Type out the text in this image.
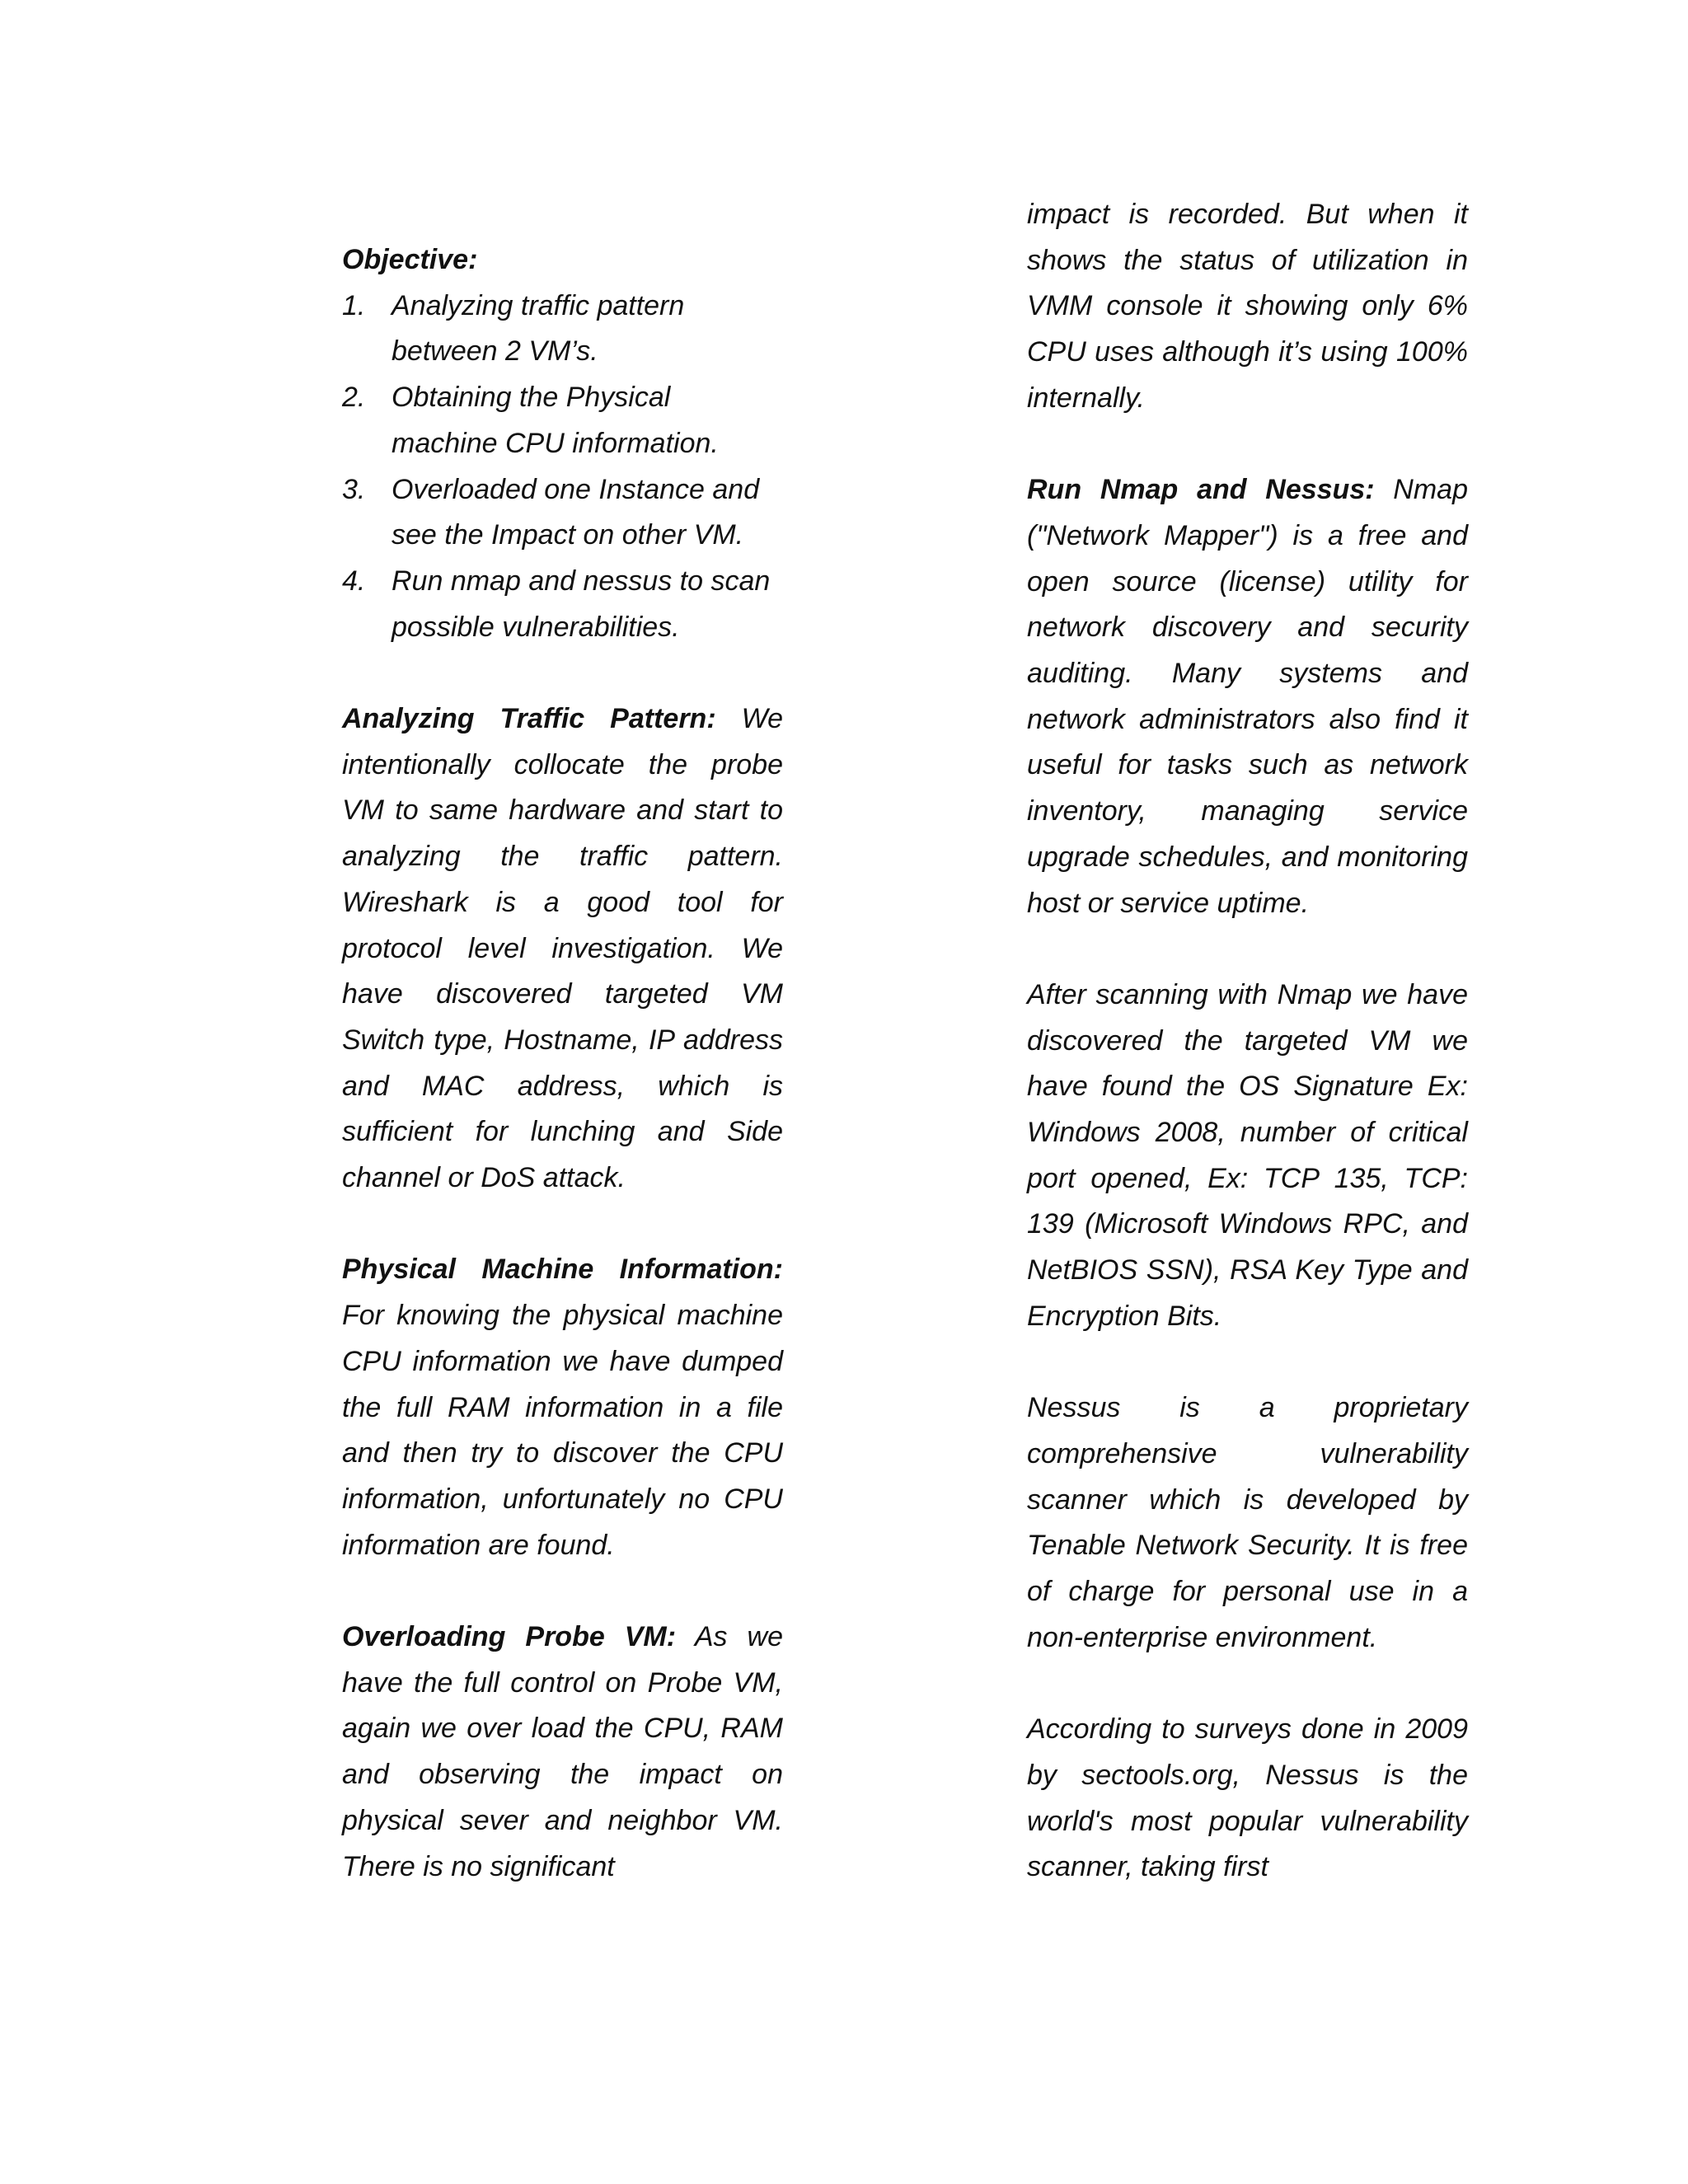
Objective:

1. Analyzing traffic pattern between 2 VM’s.
2. Obtaining the Physical machine CPU information.
3. Overloaded one Instance and see the Impact on other VM.
4. Run nmap and nessus to scan possible vulnerabilities.

Analyzing Traffic Pattern: We intentionally collocate the probe VM to same hardware and start to analyzing the traffic pattern. Wireshark is a good tool for protocol level investigation. We have discovered targeted VM Switch type, Hostname, IP address and MAC address, which is sufficient for lunching and Side channel or DoS attack.

Physical Machine Information: For knowing the physical machine CPU information we have dumped the full RAM information in a file and then try to discover the CPU information, unfortunately no CPU information are found.

Overloading Probe VM: As we have the full control on Probe VM, again we over load the CPU, RAM and observing the impact on physical sever and neighbor VM. There is no significant

impact is recorded. But when it shows the status of utilization in VMM console it showing only 6% CPU uses although it’s using 100% internally.

Run Nmap and Nessus: Nmap ("Network Mapper") is a free and open source (license) utility for network discovery and security auditing. Many systems and network administrators also find it useful for tasks such as network inventory, managing service upgrade schedules, and monitoring host or service uptime.

After scanning with Nmap we have discovered the targeted VM we have found the OS Signature Ex: Windows 2008, number of critical port opened, Ex: TCP 135, TCP: 139 (Microsoft Windows RPC, and NetBIOS SSN), RSA Key Type and Encryption Bits.

Nessus is a proprietary comprehensive vulnerability scanner which is developed by Tenable Network Security. It is free of charge for personal use in a non-enterprise environment.

According to surveys done in 2009 by sectools.org, Nessus is the world's most popular vulnerability scanner, taking first
